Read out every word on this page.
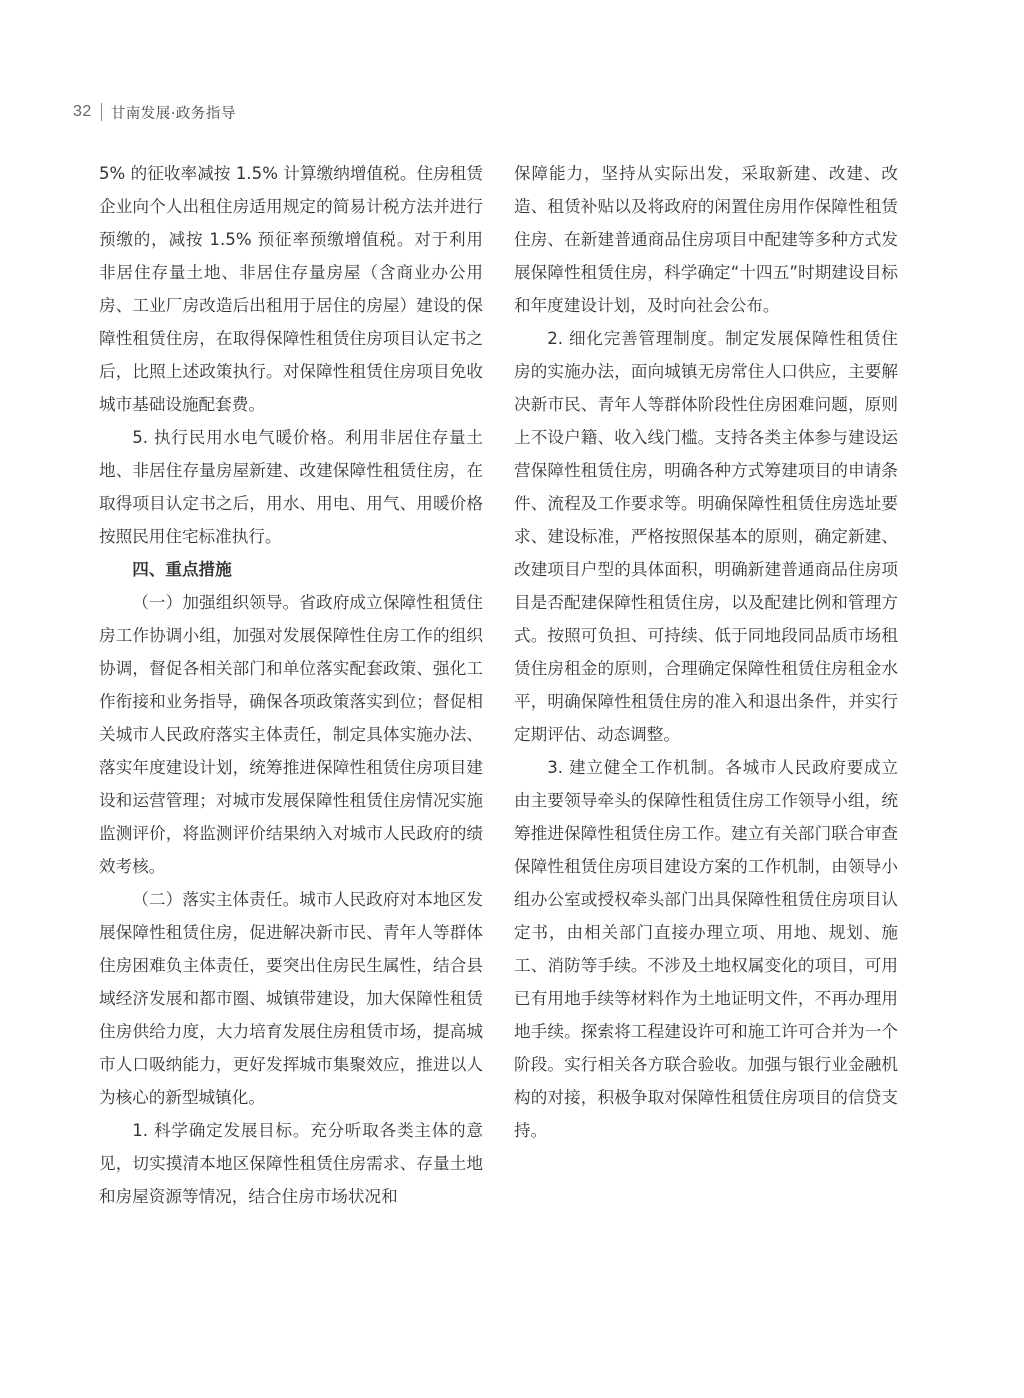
32 甘南发展·政务指导

5% 的征收率减按 1.5% 计算缴纳增值税。住房租赁企业向个人出租住房适用规定的简易计税方法并进行预缴的，减按 1.5% 预征率预缴增值税。对于利用非居住存量土地、非居住存量房屋（含商业办公用房、工业厂房改造后出租用于居住的房屋）建设的保障性租赁住房，在取得保障性租赁住房项目认定书之后，比照上述政策执行。对保障性租赁住房项目免收城市基础设施配套费。

5. 执行民用水电气暖价格。利用非居住存量土地、非居住存量房屋新建、改建保障性租赁住房，在取得项目认定书之后，用水、用电、用气、用暖价格按照民用住宅标准执行。

四、重点措施

（一）加强组织领导。省政府成立保障性租赁住房工作协调小组，加强对发展保障性住房工作的组织协调，督促各相关部门和单位落实配套政策、强化工作衔接和业务指导，确保各项政策落实到位；督促相关城市人民政府落实主体责任，制定具体实施办法、落实年度建设计划，统筹推进保障性租赁住房项目建设和运营管理；对城市发展保障性租赁住房情况实施监测评价，将监测评价结果纳入对城市人民政府的绩效考核。

（二）落实主体责任。城市人民政府对本地区发展保障性租赁住房，促进解决新市民、青年人等群体住房困难负主体责任，要突出住房民生属性，结合县域经济发展和都市圈、城镇带建设，加大保障性租赁住房供给力度，大力培育发展住房租赁市场，提高城市人口吸纳能力，更好发挥城市集聚效应，推进以人为核心的新型城镇化。

1. 科学确定发展目标。充分听取各类主体的意见，切实摸清本地区保障性租赁住房需求、存量土地和房屋资源等情况，结合住房市场状况和

保障能力，坚持从实际出发，采取新建、改建、改造、租赁补贴以及将政府的闲置住房用作保障性租赁住房、在新建普通商品住房项目中配建等多种方式发展保障性租赁住房，科学确定“十四五”时期建设目标和年度建设计划，及时向社会公布。

2. 细化完善管理制度。制定发展保障性租赁住房的实施办法，面向城镇无房常住人口供应，主要解决新市民、青年人等群体阶段性住房困难问题，原则上不设户籍、收入线门槛。支持各类主体参与建设运营保障性租赁住房，明确各种方式筹建项目的申请条件、流程及工作要求等。明确保障性租赁住房选址要求、建设标准，严格按照保基本的原则，确定新建、改建项目户型的具体面积，明确新建普通商品住房项目是否配建保障性租赁住房，以及配建比例和管理方式。按照可负担、可持续、低于同地段同品质市场租赁住房租金的原则，合理确定保障性租赁住房租金水平，明确保障性租赁住房的准入和退出条件，并实行定期评估、动态调整。

3. 建立健全工作机制。各城市人民政府要成立由主要领导牵头的保障性租赁住房工作领导小组，统筹推进保障性租赁住房工作。建立有关部门联合审查保障性租赁住房项目建设方案的工作机制，由领导小组办公室或授权牵头部门出具保障性租赁住房项目认定书，由相关部门直接办理立项、用地、规划、施工、消防等手续。不涉及土地权属变化的项目，可用已有用地手续等材料作为土地证明文件，不再办理用地手续。探索将工程建设许可和施工许可合并为一个阶段。实行相关各方联合验收。加强与银行业金融机构的对接，积极争取对保障性租赁住房项目的信贷支持。
